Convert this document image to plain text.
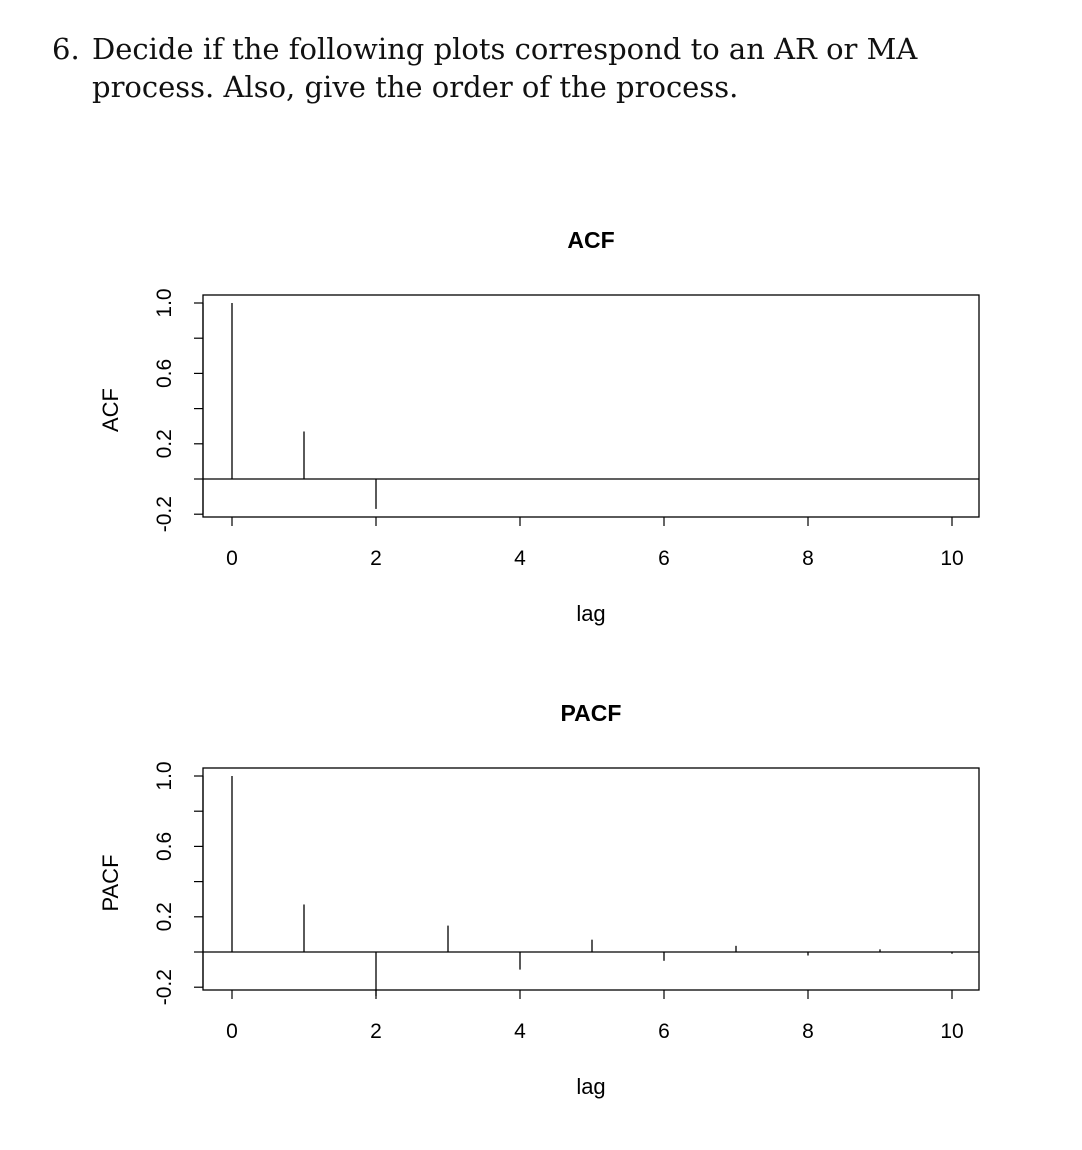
6. Decide if the following plots correspond to an AR or MA process. Also, give the order of the process.
ACF
0	2	4	6	8	10
-0.2
0.2
0.6
1.0
ACF
lag
PACF
0	2	4	6	8	10
-0.2
0.2
0.6
1.0
PACF
lag
